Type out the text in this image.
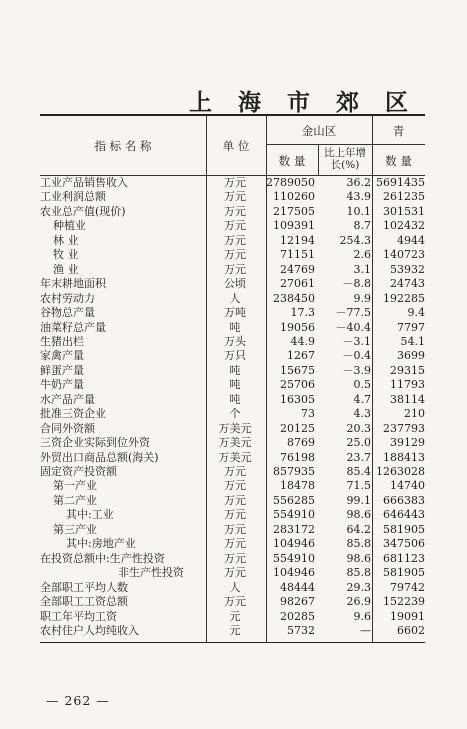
上 海 市 郊 区
指 标 名 称	单 位
金山区	青
数 量
比上年增长(%)	数 量
工业产品销售收入	万元	2789050	36.2 5691435
工业利润总额	万元	110260	43.9 261235
农业总产值(现价)	万元	217505	10.1 301531
种植业	万元	109391	8.7 102432
林 业	万元	12194 254.3 4944
牧 业	万元	71151	2.6 140723
渔 业	万元	24769	3.1 53932
年末耕地面积	公顷	27061	－8.8 24743
农村劳动力	人	238450	9.9 192285
谷物总产量	万吨	17.3 －77.5	9.4
油菜籽总产量	吨	19056 －40.4 7797
生猪出栏	万头	44.9	－3.1	54.1
家禽产量	万只	1267	－0.4 3699
鲜蛋产量	吨	15675	－3.9 29315
牛奶产量	吨	25706	0.5 11793
水产品产量	吨	16305	4.7 38114
批准三资企业	个	73	4.3	210
合同外资额	万美元	20125	20.3 237793
三资企业实际到位外资	万美元	8769	25.0 39129
外贸出口商品总额(海关)	万美元	76198	23.7 188413
固定资产投资额	万元	857935	85.4 1263028
第一产业	万元	18478	71.5 14740
第二产业	万元	556285	99.1 666383
其中:工业	万元	554910	98.6 646443
第三产业	万元	283172	64.2 581905
其中:房地产业	万元	104946	85.8 347506
在投资总额中:生产性投资	万元	554910	98.6 681123
非生产性投资	万元	104946	85.8 581905
全部职工平均人数	人	48444	29.3 79742
全部职工工资总额	万元	98267	26.9 152239
职工年平均工资	元	20285	9.6 19091
农村住户人均纯收入	元	5732	— 6602
— 262 —
